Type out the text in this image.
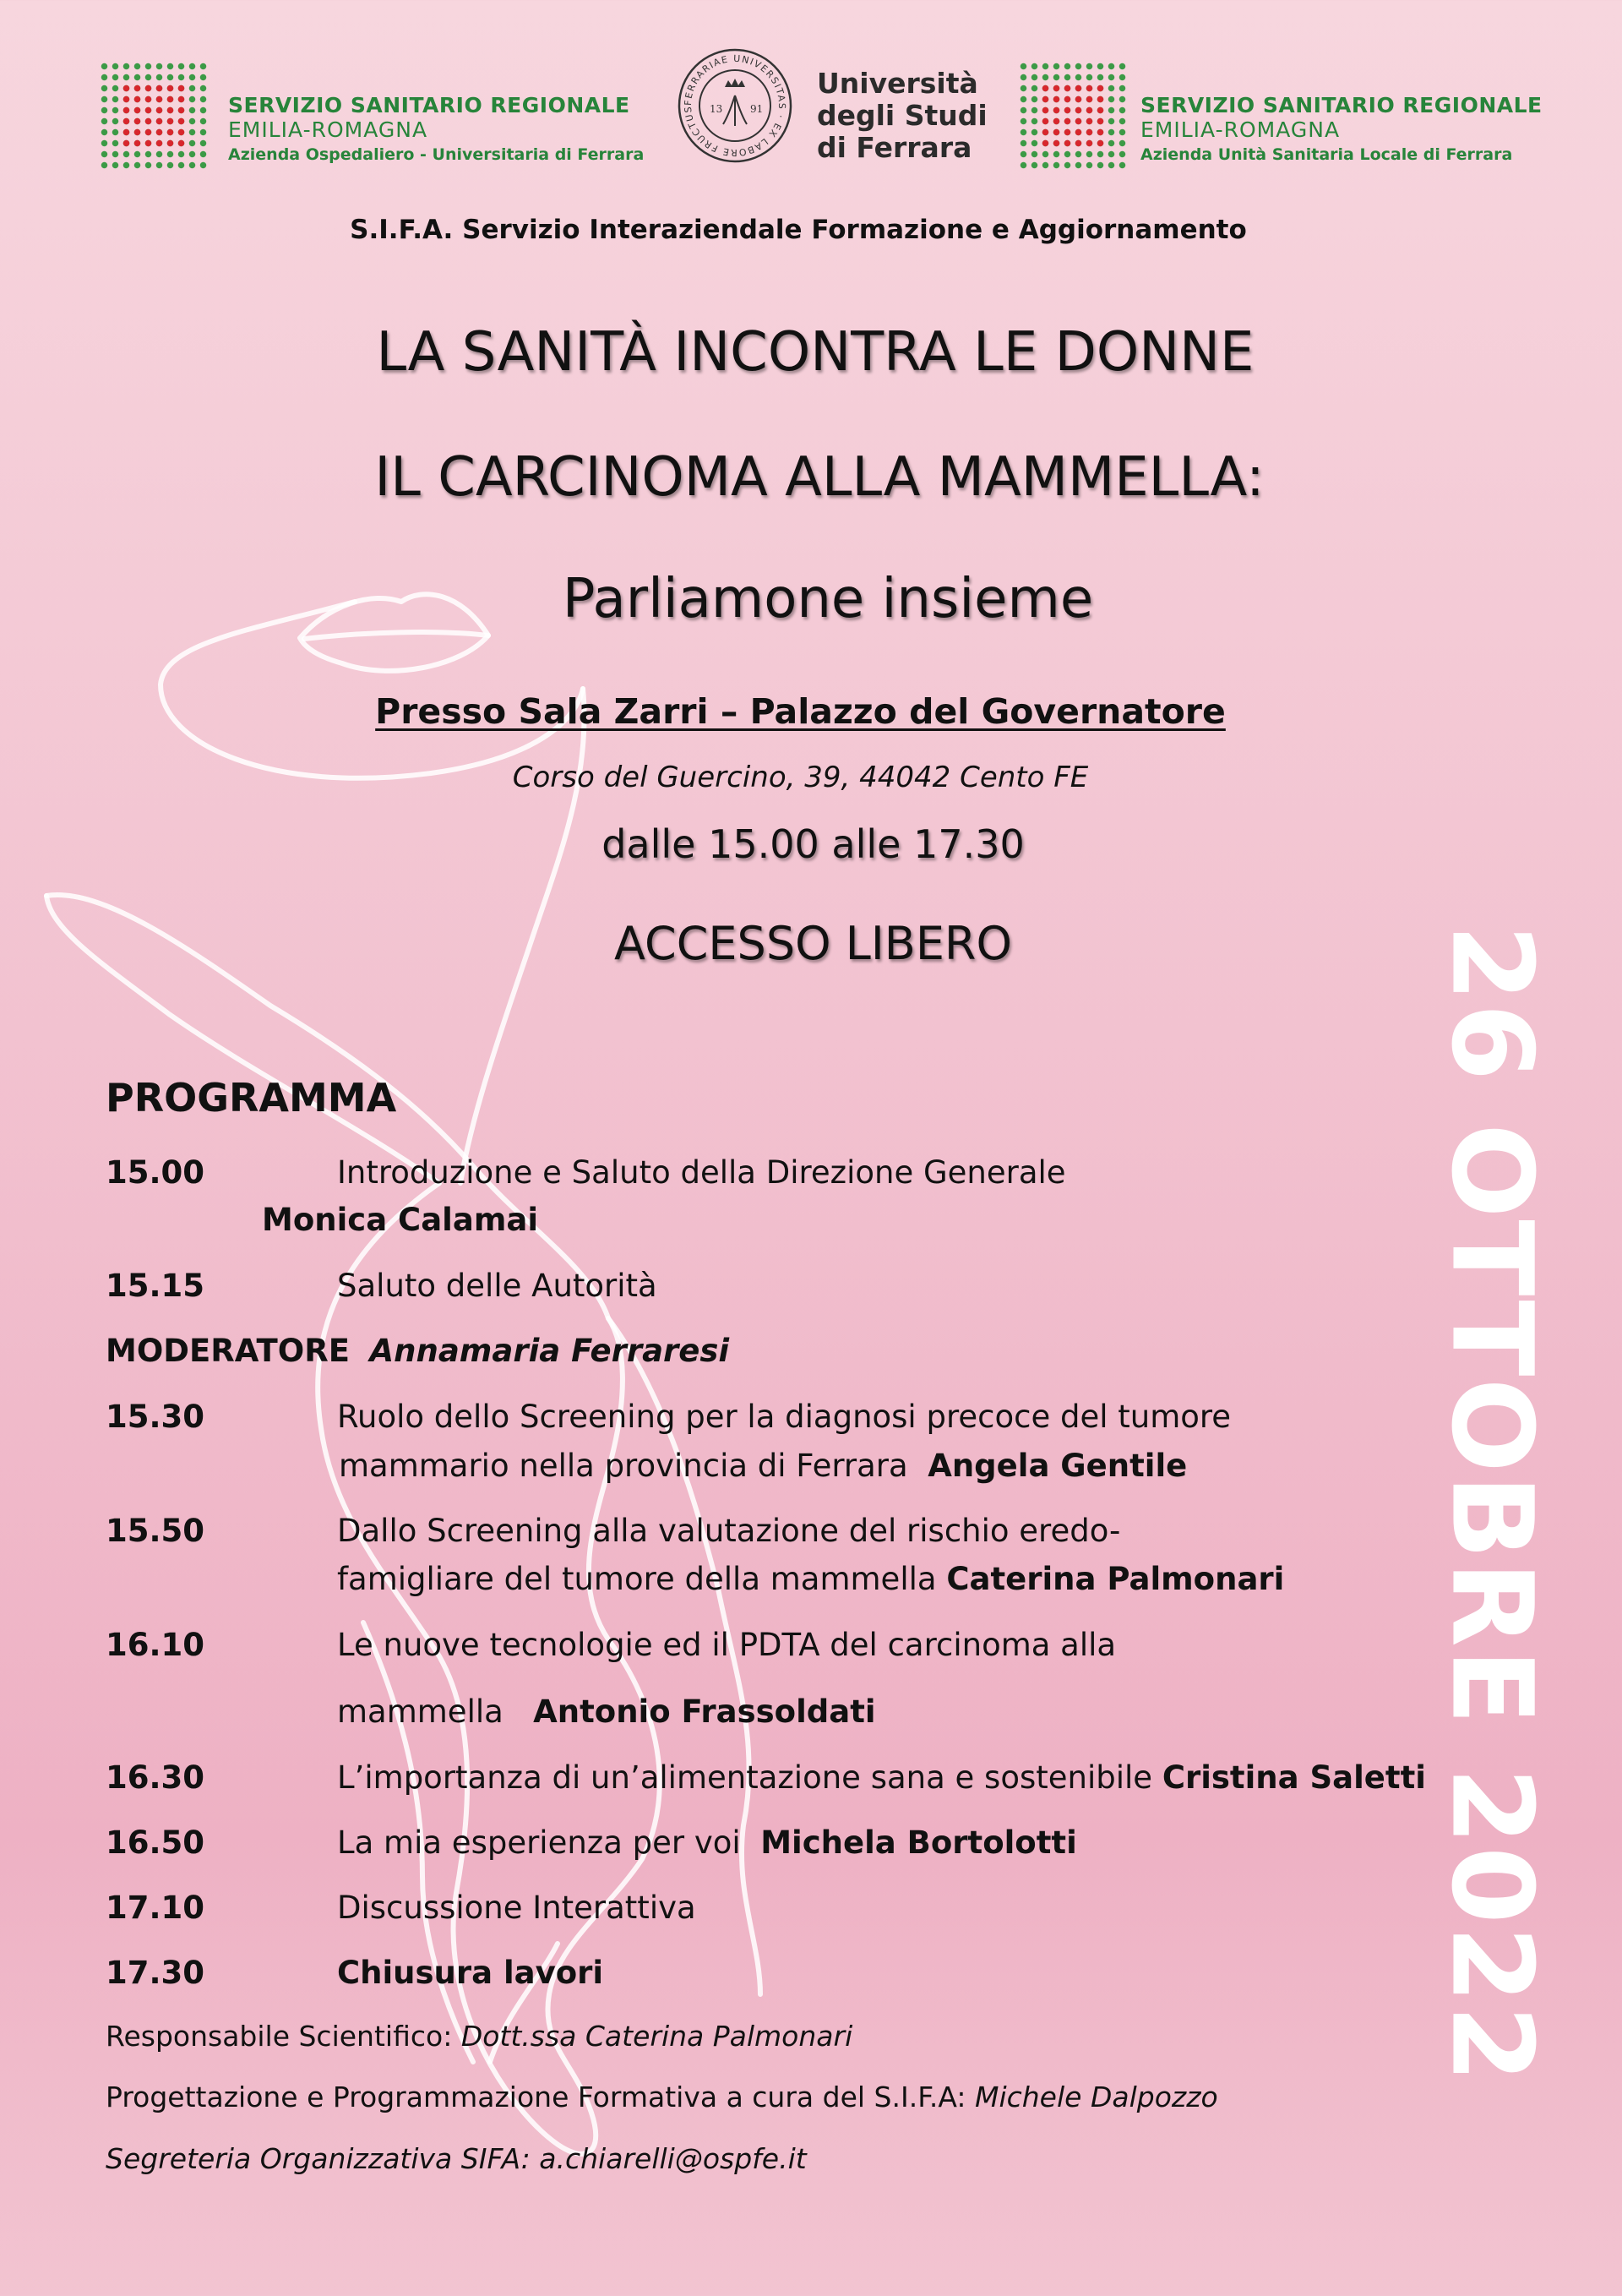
SERVIZIO SANITARIO REGIONALE
EMILIA-ROMAGNA
Azienda Ospedaliero - Universitaria di Ferrara
FERRARIAE UNIVERSITAS · EX LABORE FRUCTUS	13	91
Università
degli Studi
di Ferrara
SERVIZIO SANITARIO REGIONALE
EMILIA-ROMAGNA
Azienda Unità Sanitaria Locale di Ferrara
S.I.F.A. Servizio Interaziendale Formazione e Aggiornamento
LA SANITÀ INCONTRA LE DONNE
IL CARCINOMA ALLA MAMMELLA:
Parliamone insieme
Presso Sala Zarri – Palazzo del Governatore
Corso del Guercino, 39, 44042 Cento FE
dalle 15.00 alle 17.30
ACCESSO LIBERO	26 OTTOBRE 2022
PROGRAMMA
15.00	Introduzione e Saluto della Direzione Generale
Monica Calamai
15.15	Saluto delle Autorità
MODERATORE Annamaria Ferraresi
15.30	Ruolo dello Screening per la diagnosi precoce del tumore
mammario nella provincia di Ferrara Angela Gentile
15.50	Dallo Screening alla valutazione del rischio eredo-
famigliare del tumore della mammella Caterina Palmonari
16.10	Le nuove tecnologie ed il PDTA del carcinoma alla
mammella Antonio Frassoldati
16.30	L’importanza di un’alimentazione sana e sostenibile Cristina Saletti
16.50	La mia esperienza per voi Michela Bortolotti
17.10	Discussione Interattiva
17.30	Chiusura lavori
Responsabile Scientifico: Dott.ssa Caterina Palmonari
Progettazione e Programmazione Formativa a cura del S.I.F.A: Michele Dalpozzo
Segreteria Organizzativa SIFA: a.chiarelli@ospfe.it
